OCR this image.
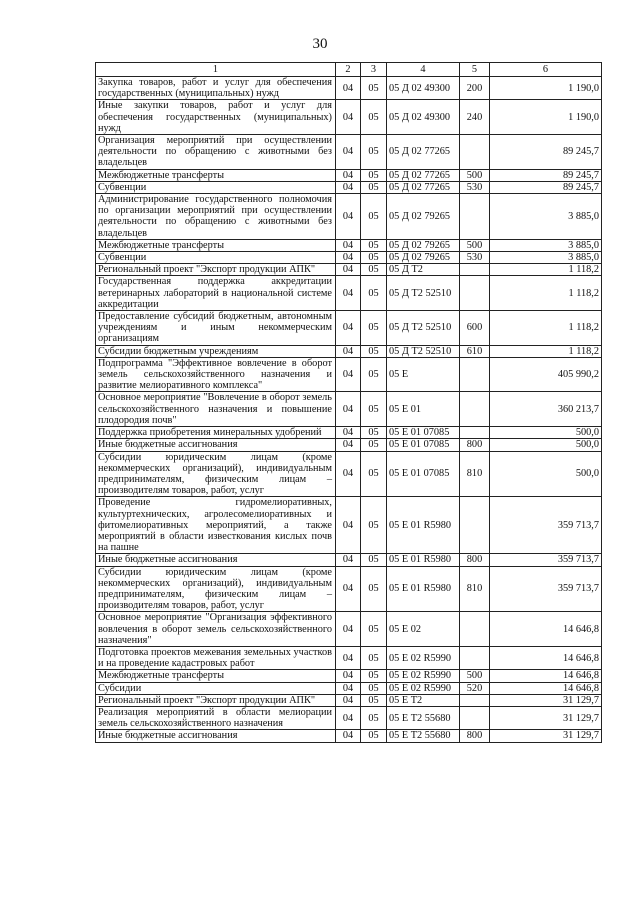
30
1	2	3	4	5	6
Закупка товаров, работ и услуг для обеспечения государственных (муниципальных) нужд	04	05	05 Д 02 49300	200	1 190,0
Иные закупки товаров, работ и услуг для обеспечения государственных (муниципальных) нужд	04	05	05 Д 02 49300	240	1 190,0
Организация мероприятий при осуществлении деятельности по обращению с животными без владельцев	04	05	05 Д 02 77265		89 245,7
Межбюджетные трансферты	04	05	05 Д 02 77265	500	89 245,7
Субвенции	04	05	05 Д 02 77265	530	89 245,7
Администрирование государственного полномочия по организации мероприятий при осуществлении деятельности по обращению с животными без владельцев	04	05	05 Д 02 79265		3 885,0
Межбюджетные трансферты	04	05	05 Д 02 79265	500	3 885,0
Субвенции	04	05	05 Д 02 79265	530	3 885,0
Региональный проект "Экспорт продукции АПК"	04	05	05 Д Т2		1 118,2
Государственная поддержка аккредитации ветеринарных лабораторий в национальной системе аккредитации	04	05	05 Д Т2 52510		1 118,2
Предоставление субсидий бюджетным, автономным учреждениям и иным некоммерческим организациям	04	05	05 Д Т2 52510	600	1 118,2
Субсидии бюджетным учреждениям	04	05	05 Д Т2 52510	610	1 118,2
Подпрограмма "Эффективное вовлечение в оборот земель сельскохозяйственного назначения и развитие мелиоративного комплекса"	04	05	05 Е		405 990,2
Основное мероприятие "Вовлечение в оборот земель сельскохозяйственного назначения и повышение плодородия почв"	04	05	05 Е 01		360 213,7
Поддержка приобретения минеральных удобрений	04	05	05 Е 01 07085		500,0
Иные бюджетные ассигнования	04	05	05 Е 01 07085	800	500,0
Субсидии юридическим лицам (кроме некоммерческих организаций), индивидуальным предпринимателям, физическим лицам – производителям товаров, работ, услуг	04	05	05 Е 01 07085	810	500,0
Проведение гидромелиоративных, культуртехнических, агролесомелиоративных и фитомелиоративных мероприятий, а также мероприятий в области известкования кислых почв на пашне	04	05	05 Е 01 R5980		359 713,7
Иные бюджетные ассигнования	04	05	05 Е 01 R5980	800	359 713,7
Субсидии юридическим лицам (кроме некоммерческих организаций), индивидуальным предпринимателям, физическим лицам – производителям товаров, работ, услуг	04	05	05 Е 01 R5980	810	359 713,7
Основное мероприятие "Организация эффективного вовлечения в оборот земель сельскохозяйственного назначения"	04	05	05 Е 02		14 646,8
Подготовка проектов межевания земельных участков и на проведение кадастровых работ	04	05	05 Е 02 R5990		14 646,8
Межбюджетные трансферты	04	05	05 Е 02 R5990	500	14 646,8
Субсидии	04	05	05 Е 02 R5990	520	14 646,8
Региональный проект "Экспорт продукции АПК"	04	05	05 Е Т2		31 129,7
Реализация мероприятий в области мелиорации земель сельскохозяйственного назначения	04	05	05 Е Т2 55680		31 129,7
Иные бюджетные ассигнования	04	05	05 Е Т2 55680	800	31 129,7
